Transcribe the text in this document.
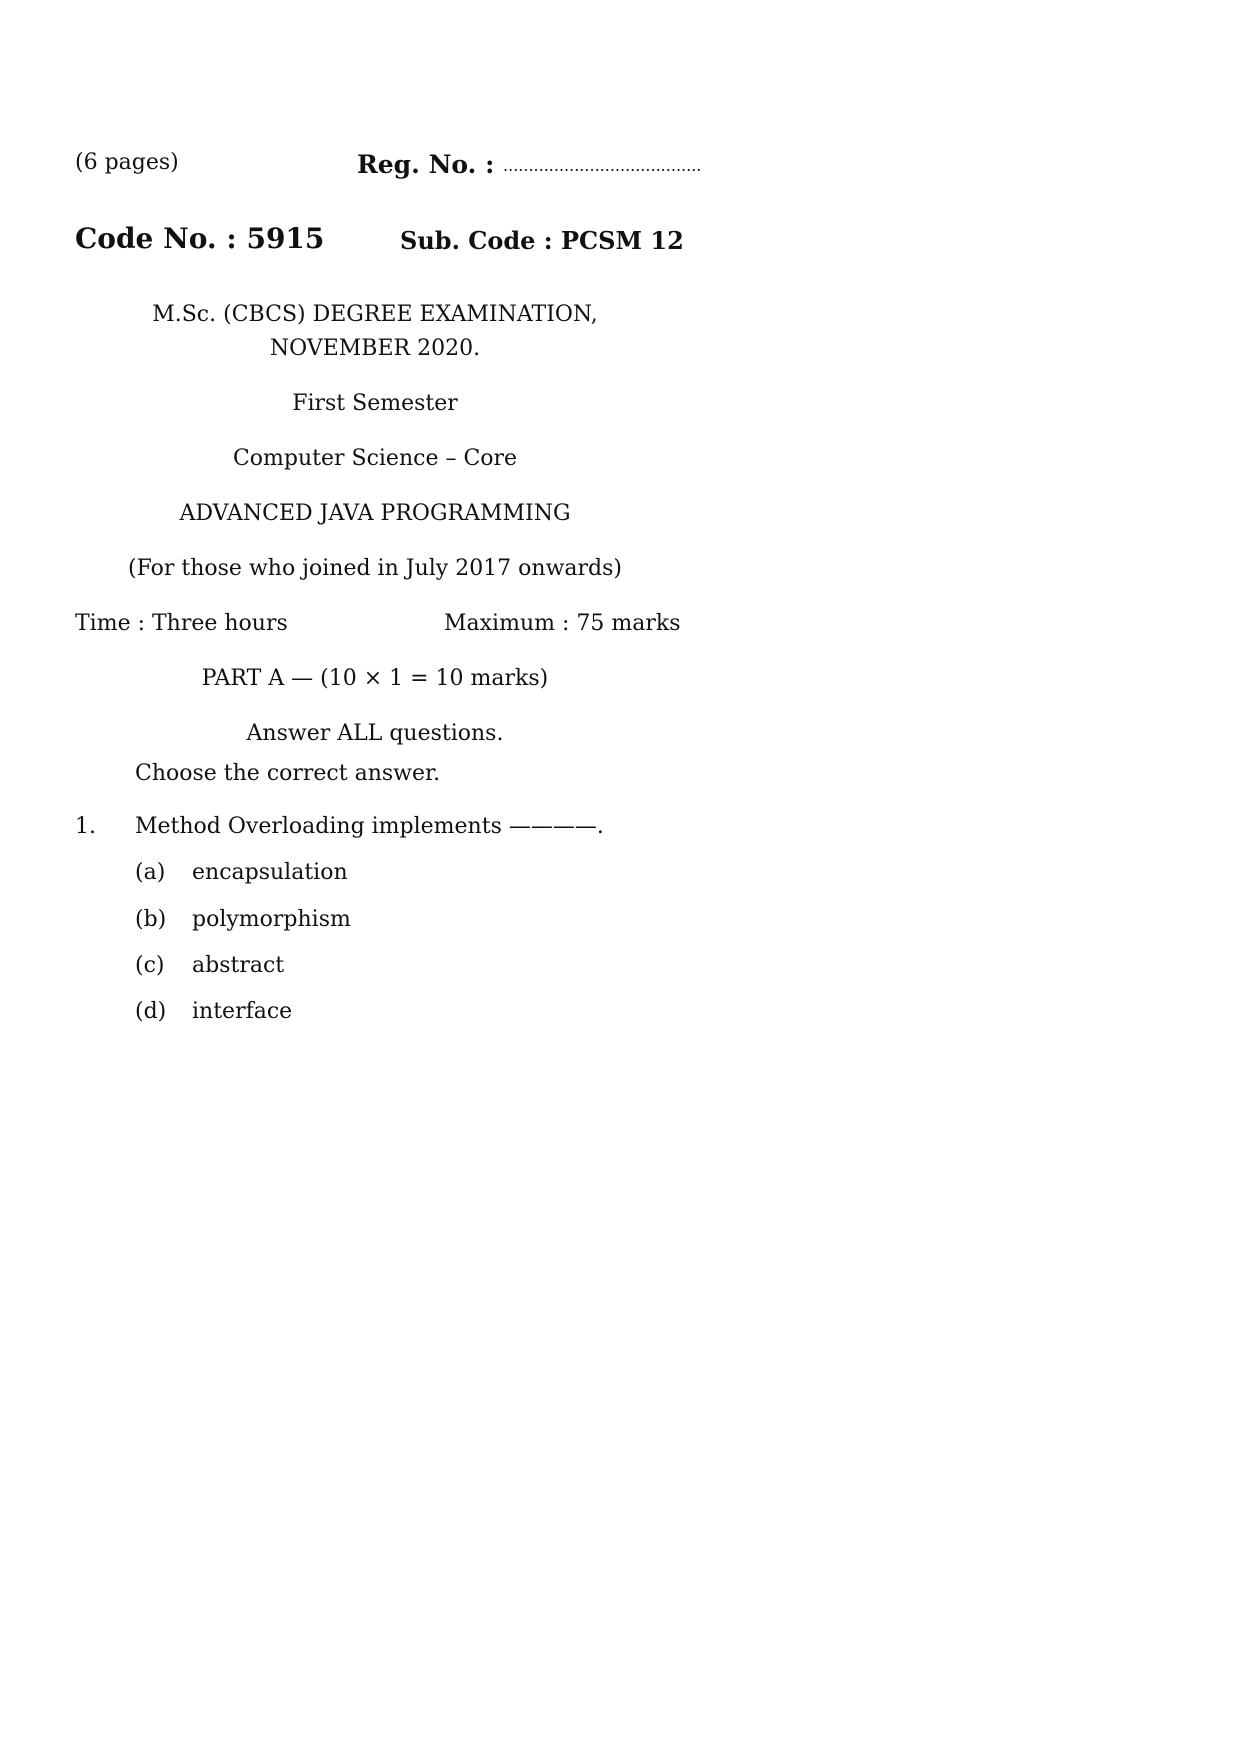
(6 pages)	Reg. No. : .......................................
Code No. : 5915	Sub. Code : PCSM 12
M.Sc. (CBCS) DEGREE EXAMINATION,
NOVEMBER 2020.
First Semester
Computer Science – Core
ADVANCED JAVA PROGRAMMING
(For those who joined in July 2017 onwards)
Time : Three hours	Maximum : 75 marks
PART A — (10 × 1 = 10 marks)
Answer ALL questions.
Choose the correct answer.
1. Method Overloading implements ————.
(a) encapsulation
(b) polymorphism
(c) abstract
(d) interface
